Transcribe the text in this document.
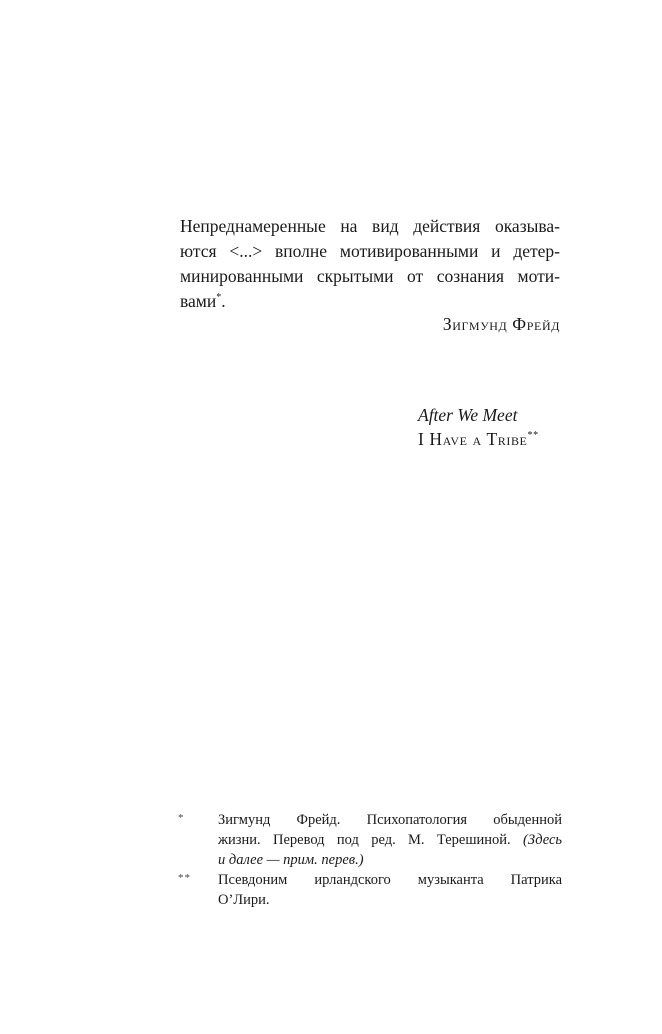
Непреднамеренные на вид действия оказыва-
ются <...> вполне мотивированными и детер-
минированными скрытыми от сознания моти-
вами*.
Зигмунд Фрейд
After We Meet
I Have a Tribe**
* Зигмунд Фрейд. Психопатология обыденной
жизни. Перевод под ред. М. Терешиной. (Здесь
и далее — прим. перев.)
** Псевдоним ирландского музыканта Патрика
О’Лири.
